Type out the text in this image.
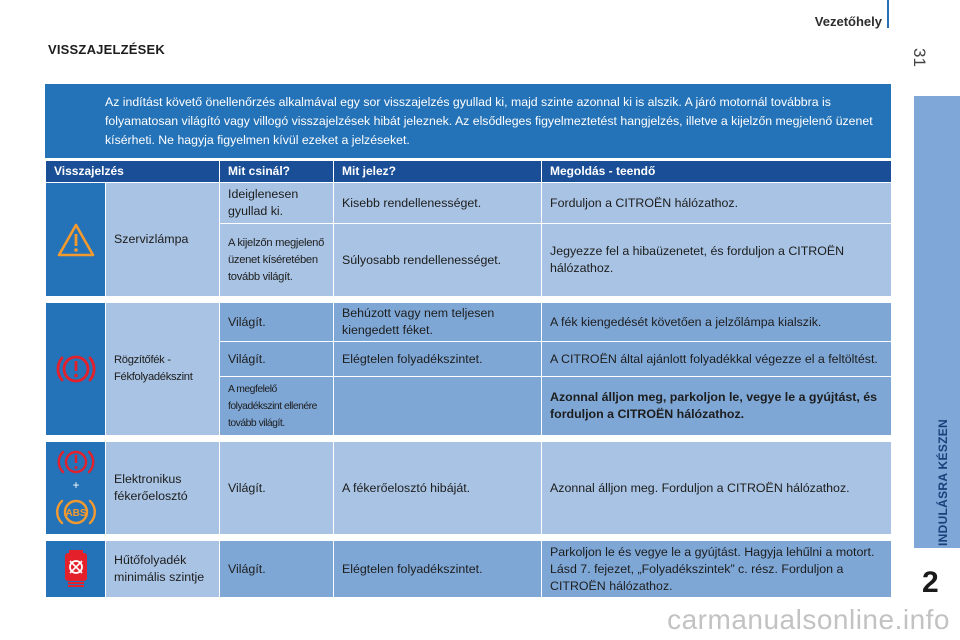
Vezetőhely
31
INDULÁSRA KÉSZEN
2
VISSZAJELZÉSEK
Az indítást követő önellenőrzés alkalmával egy sor visszajelzés gyullad ki, majd szinte azonnal ki is alszik. A járó motornál továbbra is folyamatosan világító vagy villogó visszajelzések hibát jeleznek. Az elsődleges figyelmeztetést hangjelzés, illetve a kijelzőn megjelenő üzenet kísérheti. Ne hagyja figyelmen kívül ezeket a jelzéseket.
Visszajelzés		Mit csinál?	Mit jelez?	Megoldás - teendő

	Szervizlámpa	Ideiglenesen gyullad ki.	Kisebb rendellenességet.	Forduljon a CITROËN hálózathoz.
		A kijelzőn megjelenő üzenet kíséretében tovább világít.	Súlyosabb rendellenességet.	Jegyezze fel a hibaüzenetet, és forduljon a CITROËN hálózathoz.

	Rögzítőfék - Fékfolyadékszint	Világít.	Behúzott vagy nem teljesen kiengedett féket.	A fék kiengedését követően a jelzőlámpa kialszik.
		Világít.	Elégtelen folyadékszintet.	A CITROËN által ajánlott folyadékkal végezze el a feltöltést.
		A megfelelő folyadékszint ellenére tovább világít.		Azonnal álljon meg, parkoljon le, vegye le a gyújtást, és forduljon a CITROËN hálózathoz.

+
ABS	Elektronikus fékerőelosztó	Világít.	A fékerőelosztó hibáját.	Azonnal álljon meg. Forduljon a CITROËN hálózathoz.

	Hűtőfolyadék minimális szintje	Világít.	Elégtelen folyadékszintet.	Parkoljon le és vegye le a gyújtást. Hagyja lehűlni a motort. Lásd 7. fejezet, „Folyadékszintek” c. rész. Forduljon a CITROËN hálózathoz.
carmanualsonline.info
